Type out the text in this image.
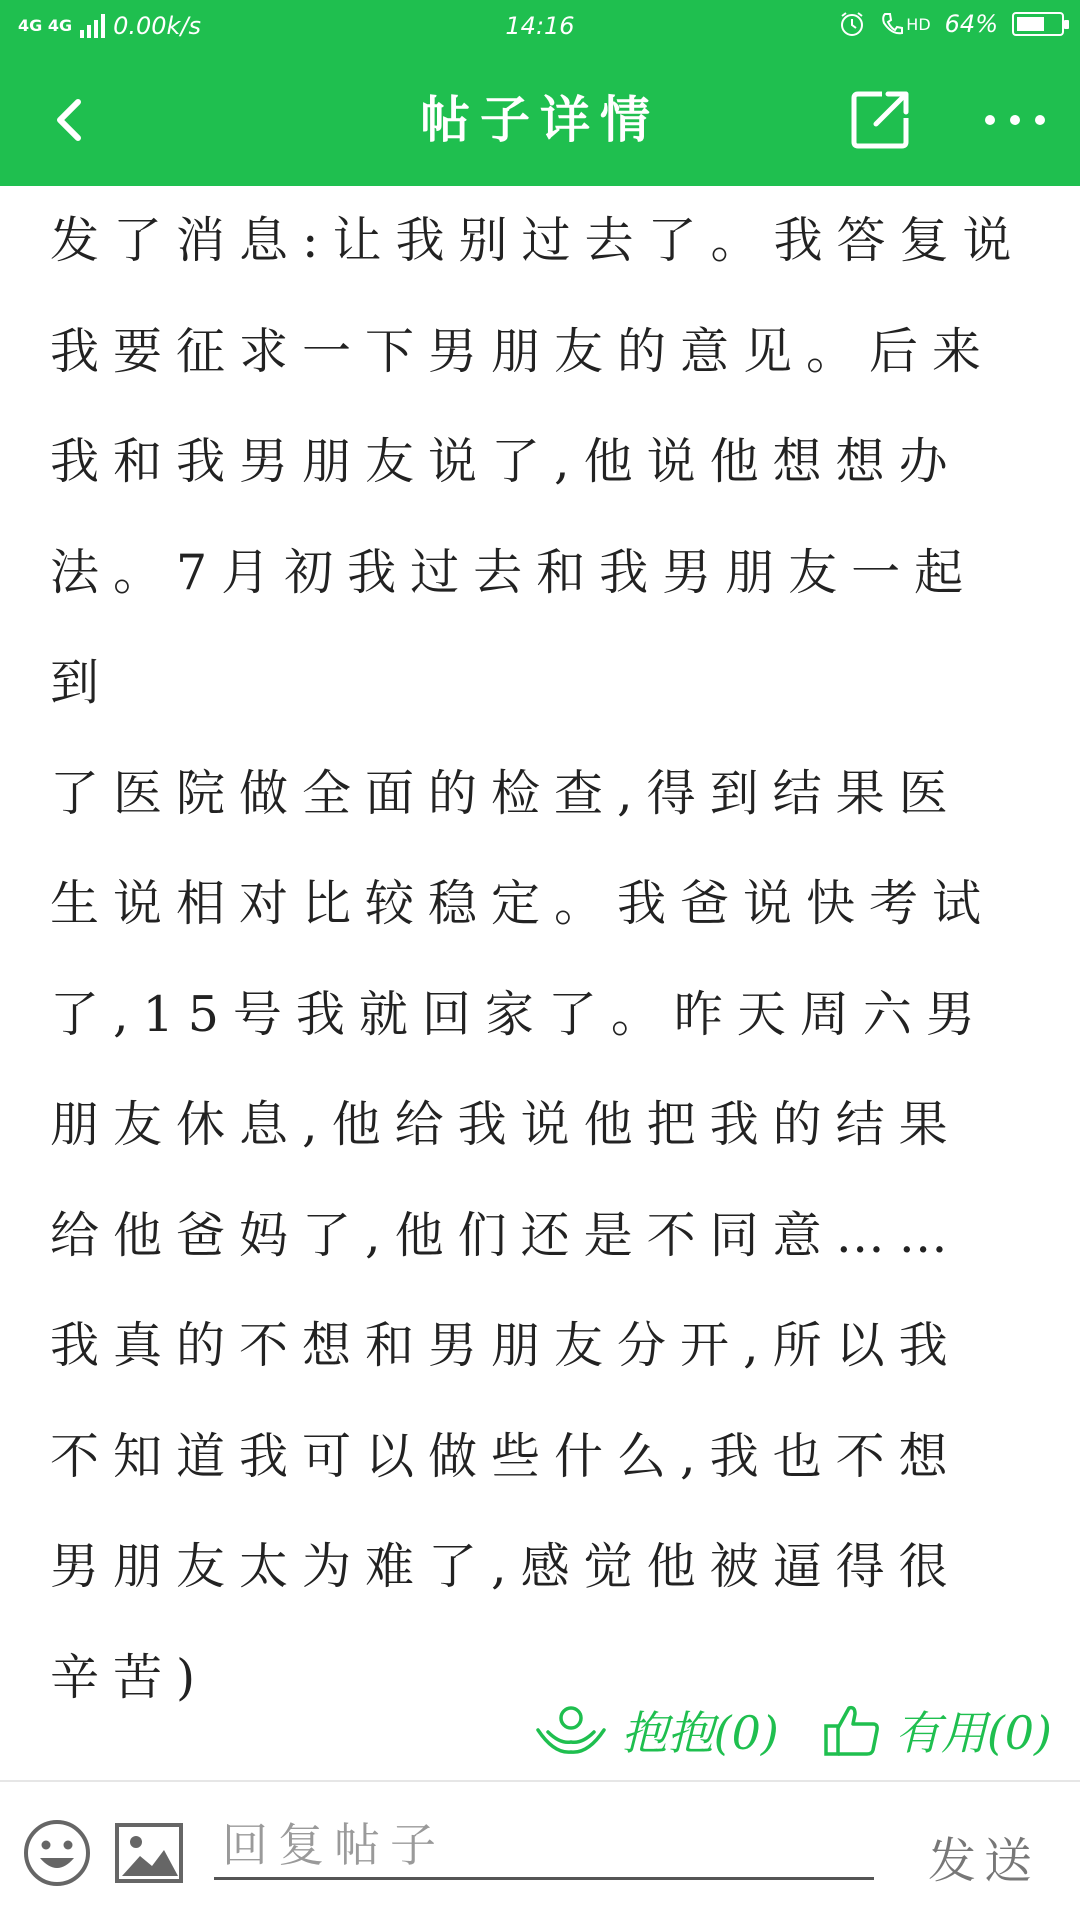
4G 4G 0.00k/s	14:16	HD 64%
帖子详情

发了消息:让我别过去了。我答复说

我要征求一下男朋友的意见。后来

我和我男朋友说了,他说他想想办

法。7月初我过去和我男朋友一起到

了医院做全面的检查,得到结果医

生说相对比较稳定。我爸说快考试

了,15号我就回家了。昨天周六男

朋友休息,他给我说他把我的结果

给他爸妈了,他们还是不同意……

我真的不想和男朋友分开,所以我

不知道我可以做些什么,我也不想

男朋友太为难了,感觉他被逼得很

辛苦)

抱抱(0)	有用(0)
回复帖子	发送
